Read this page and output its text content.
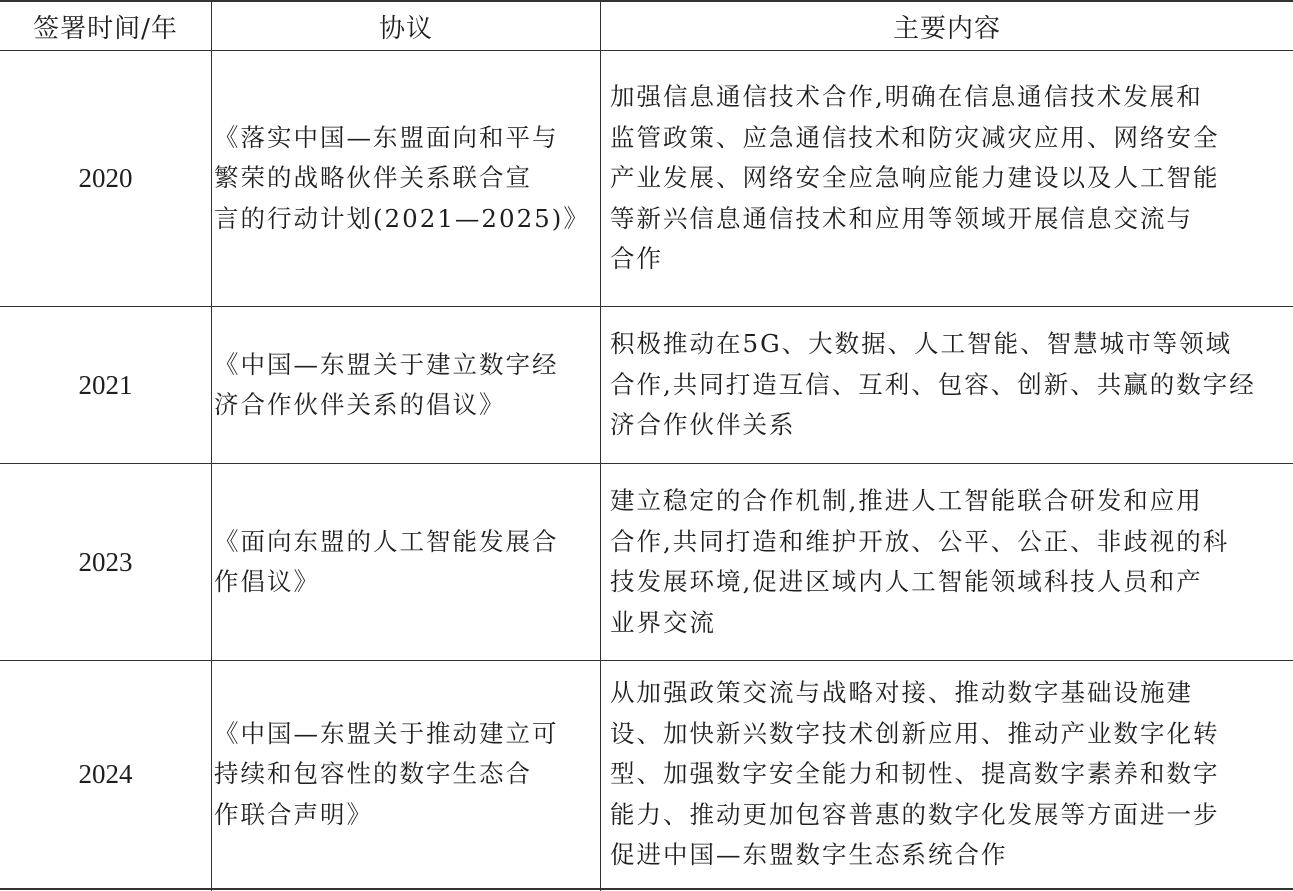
签署时间/年	协议	主要内容
2020
《落实中国—东盟面向和平与
繁荣的战略伙伴关系联合宣
言的行动计划(2021—2025)》
加强信息通信技术合作,明确在信息通信技术发展和
监管政策、应急通信技术和防灾减灾应用、网络安全
产业发展、网络安全应急响应能力建设以及人工智能
等新兴信息通信技术和应用等领域开展信息交流与
合作
2021
《中国—东盟关于建立数字经
济合作伙伴关系的倡议》
积极推动在5G、大数据、人工智能、智慧城市等领域
合作,共同打造互信、互利、包容、创新、共赢的数字经
济合作伙伴关系
2023
《面向东盟的人工智能发展合
作倡议》
建立稳定的合作机制,推进人工智能联合研发和应用
合作,共同打造和维护开放、公平、公正、非歧视的科
技发展环境,促进区域内人工智能领域科技人员和产
业界交流
2024
《中国—东盟关于推动建立可
持续和包容性的数字生态合
作联合声明》
从加强政策交流与战略对接、推动数字基础设施建
设、加快新兴数字技术创新应用、推动产业数字化转
型、加强数字安全能力和韧性、提高数字素养和数字
能力、推动更加包容普惠的数字化发展等方面进一步
促进中国—东盟数字生态系统合作
